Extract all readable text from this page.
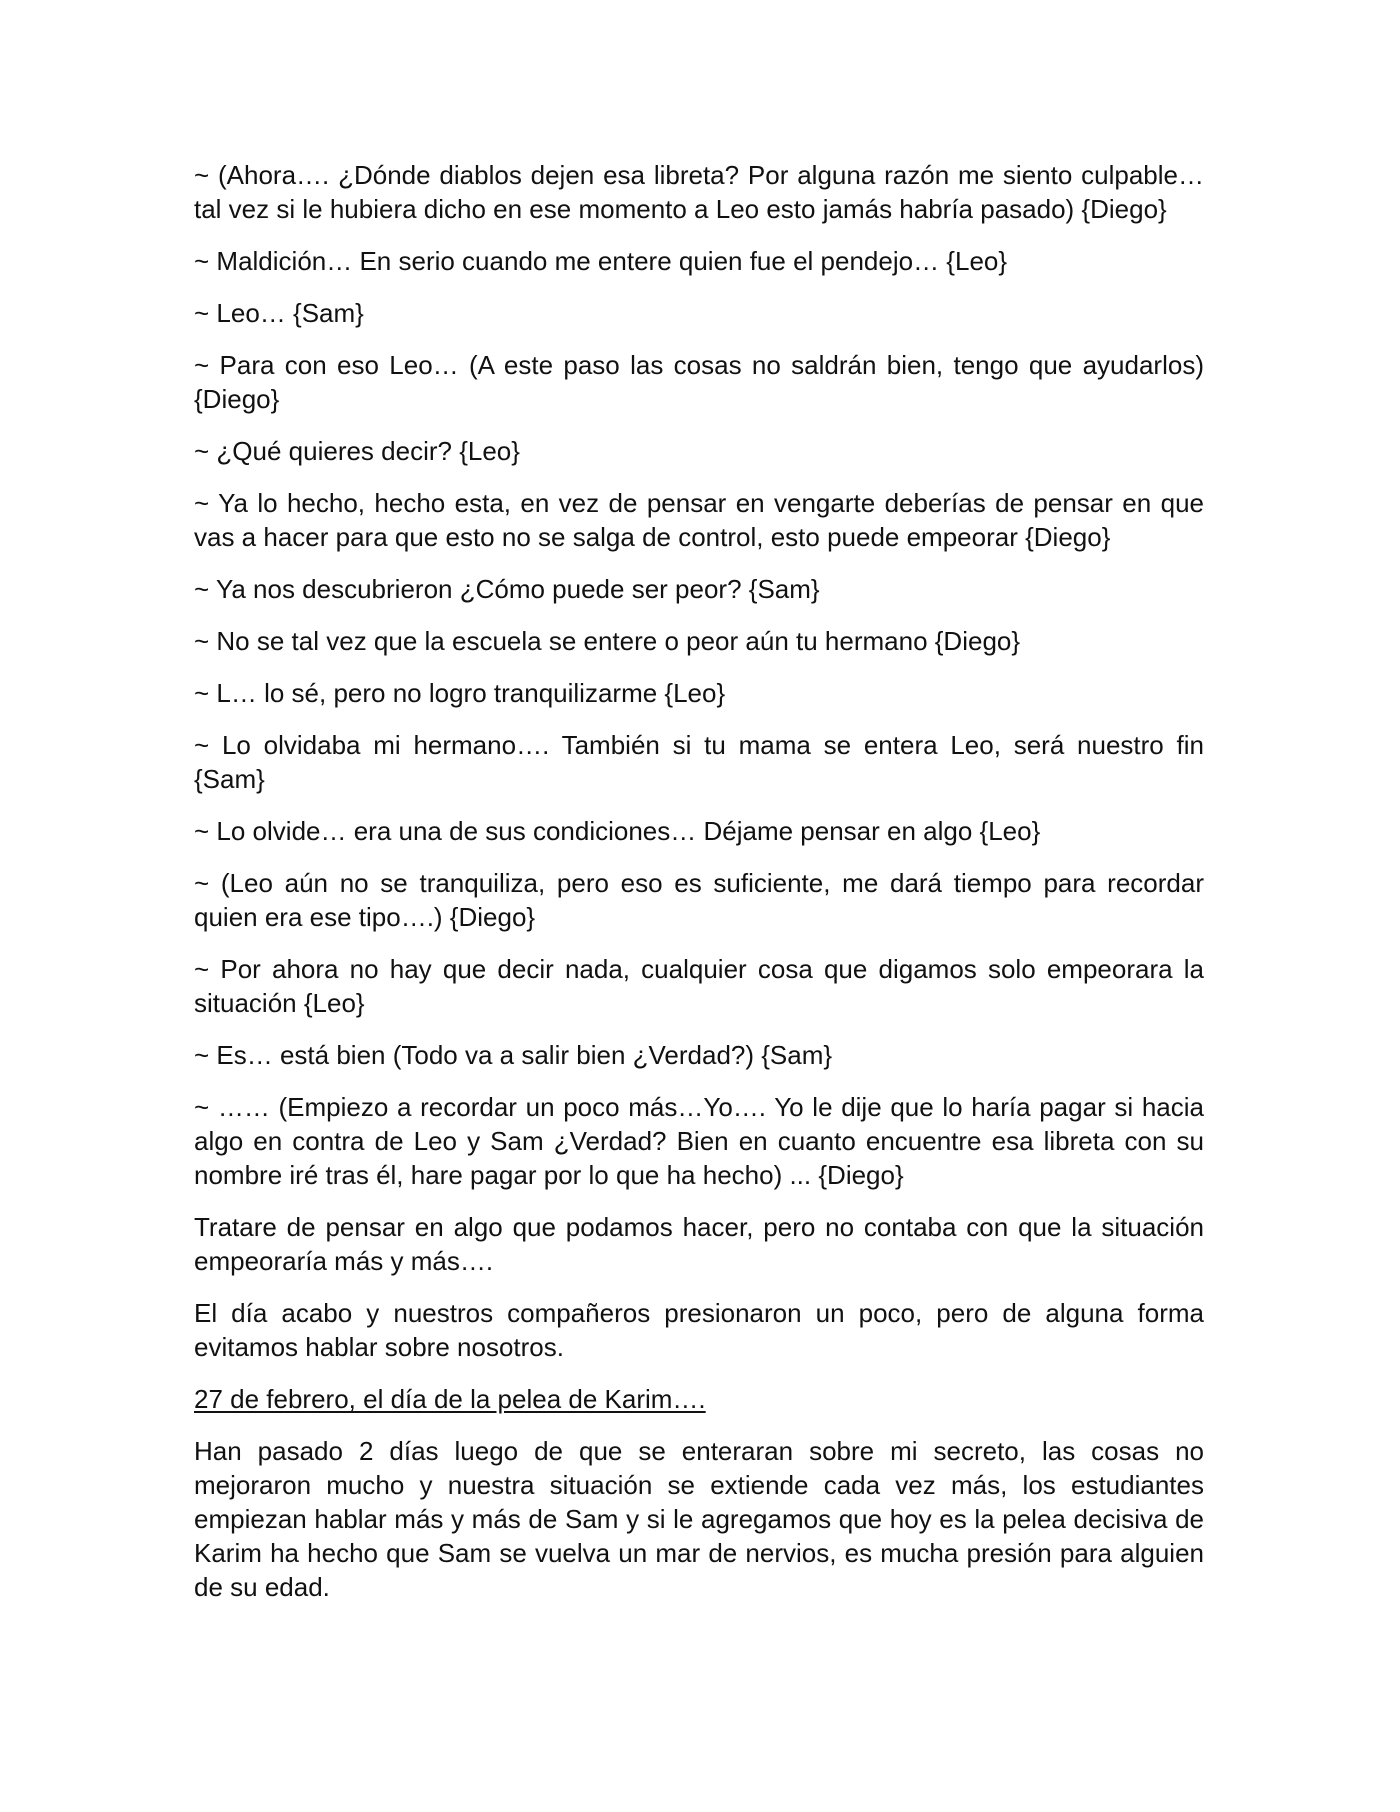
~ (Ahora…. ¿Dónde diablos dejen esa libreta? Por alguna razón me siento culpable…tal vez si le hubiera dicho en ese momento a Leo esto jamás habría pasado) {Diego}

~ Maldición… En serio cuando me entere quien fue el pendejo… {Leo}

~ Leo… {Sam}

~ Para con eso Leo… (A este paso las cosas no saldrán bien, tengo que ayudarlos) {Diego}

~ ¿Qué quieres decir? {Leo}

~ Ya lo hecho, hecho esta, en vez de pensar en vengarte deberías de pensar en que vas a hacer para que esto no se salga de control, esto puede empeorar {Diego}

~ Ya nos descubrieron ¿Cómo puede ser peor? {Sam}

~ No se tal vez que la escuela se entere o peor aún tu hermano {Diego}

~ L… lo sé, pero no logro tranquilizarme {Leo}

~ Lo olvidaba mi hermano…. También si tu mama se entera Leo, será nuestro fin {Sam}

~ Lo olvide… era una de sus condiciones… Déjame pensar en algo {Leo}

~ (Leo aún no se tranquiliza, pero eso es suficiente, me dará tiempo para recordar quien era ese tipo….) {Diego}

~ Por ahora no hay que decir nada, cualquier cosa que digamos solo empeorara la situación {Leo}

~ Es… está bien (Todo va a salir bien ¿Verdad?) {Sam}

~ …… (Empiezo a recordar un poco más…Yo…. Yo le dije que lo haría pagar si hacia algo en contra de Leo y Sam ¿Verdad? Bien en cuanto encuentre esa libreta con su nombre iré tras él, hare pagar por lo que ha hecho) ... {Diego}

Tratare de pensar en algo que podamos hacer, pero no contaba con que la situación empeoraría más y más….

El día acabo y nuestros compañeros presionaron un poco, pero de alguna forma evitamos hablar sobre nosotros.

27 de febrero, el día de la pelea de Karim….

Han pasado 2 días luego de que se enteraran sobre mi secreto, las cosas no mejoraron mucho y nuestra situación se extiende cada vez más, los estudiantes empiezan hablar más y más de Sam y si le agregamos que hoy es la pelea decisiva de Karim ha hecho que Sam se vuelva un mar de nervios, es mucha presión para alguien de su edad.
